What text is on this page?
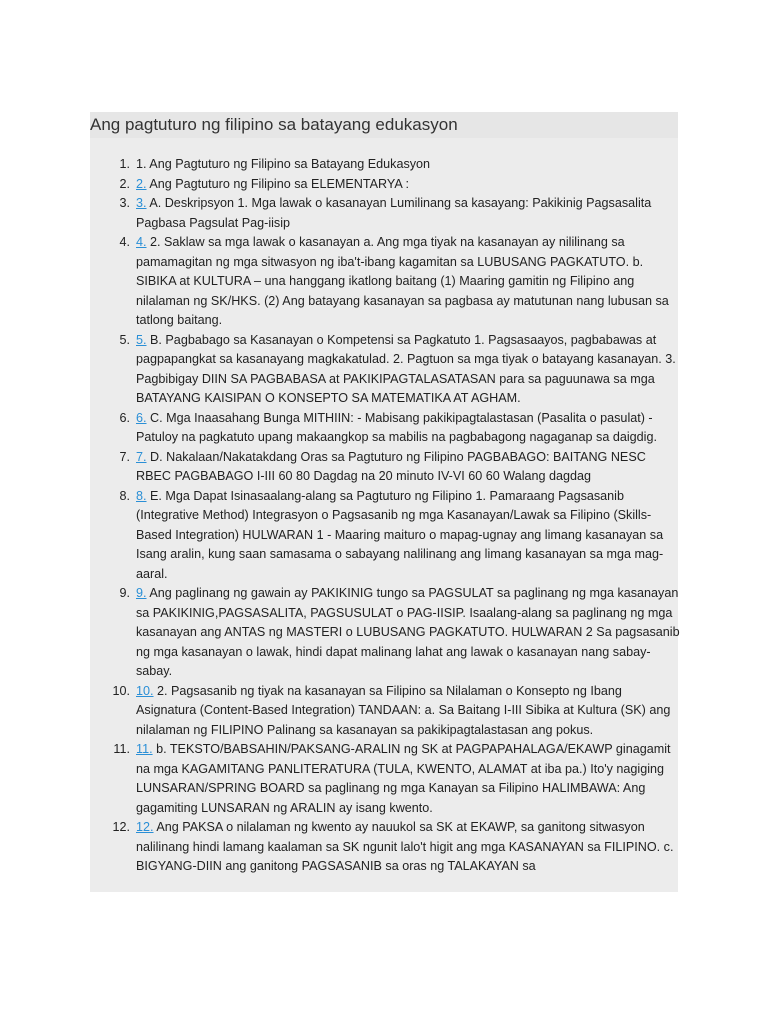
Ang pagtuturo ng filipino sa batayang edukasyon
1. 1. Ang Pagtuturo ng Filipino sa Batayang Edukasyon
2. 2. Ang Pagtuturo ng Filipino sa ELEMENTARYA :
3. 3. A. Deskripsyon 1. Mga lawak o kasanayan Lumilinang sa kasayang: Pakikinig Pagsasalita Pagbasa Pagsulat Pag-iisip
4. 4. 2. Saklaw sa mga lawak o kasanayan a. Ang mga tiyak na kasanayan ay nililinang sa pamamagitan ng mga sitwasyon ng iba't-ibang kagamitan sa LUBUSANG PAGKATUTO. b. SIBIKA at KULTURA – una hanggang ikatlong baitang (1) Maaring gamitin ng Filipino ang nilalaman ng SK/HKS. (2) Ang batayang kasanayan sa pagbasa ay matutunan nang lubusan sa tatlong baitang.
5. 5. B. Pagbabago sa Kasanayan o Kompetensi sa Pagkatuto 1. Pagsasaayos, pagbabawas at pagpapangkat sa kasanayang magkakatulad. 2. Pagtuon sa mga tiyak o batayang kasanayan. 3. Pagbibigay DIIN SA PAGBABASA at PAKIKIPAGTALASATASAN para sa paguunawa sa mga BATAYANG KAISIPAN O KONSEPTO SA MATEMATIKA AT AGHAM.
6. 6. C. Mga Inaasahang Bunga MITHIIN: - Mabisang pakikipagtalastasan (Pasalita o pasulat) - Patuloy na pagkatuto upang makaangkop sa mabilis na pagbabagong nagaganap sa daigdig.
7. 7. D. Nakalaan/Nakatakdang Oras sa Pagtuturo ng Filipino PAGBABAGO: BAITANG NESC RBEC PAGBABAGO I-III 60 80 Dagdag na 20 minuto IV-VI 60 60 Walang dagdag
8. 8. E. Mga Dapat Isinasaalang-alang sa Pagtuturo ng Filipino 1. Pamaraang Pagsasanib (Integrative Method) Integrasyon o Pagsasanib ng mga Kasanayan/Lawak sa Filipino (Skills-Based Integration) HULWARAN 1 - Maaring maituro o mapag-ugnay ang limang kasanayan sa Isang aralin, kung saan samasama o sabayang nalilinang ang limang kasanayan sa mga mag-aaral.
9. 9. Ang paglinang ng gawain ay PAKIKINIG tungo sa PAGSULAT sa paglinang ng mga kasanayan sa PAKIKINIG,PAGSASALITA, PAGSUSULAT o PAG-IISIP. Isaalang-alang sa paglinang ng mga kasanayan ang ANTAS ng MASTERI o LUBUSANG PAGKATUTO. HULWARAN 2 Sa pagsasanib ng mga kasanayan o lawak, hindi dapat malinang lahat ang lawak o kasanayan nang sabay-sabay.
10. 10. 2. Pagsasanib ng tiyak na kasanayan sa Filipino sa Nilalaman o Konsepto ng Ibang Asignatura (Content-Based Integration) TANDAAN: a. Sa Baitang I-III Sibika at Kultura (SK) ang nilalaman ng FILIPINO Palinang sa kasanayan sa pakikipagtalastasan ang pokus.
11. 11. b. TEKSTO/BABSAHIN/PAKSANG-ARALIN ng SK at PAGPAPAHALAGA/EKAWP ginagamit na mga KAGAMITANG PANLITERATURA (TULA, KWENTO, ALAMAT at iba pa.) Ito'y nagiging LUNSARAN/SPRING BOARD sa paglinang ng mga Kanayan sa Filipino HALIMBAWA: Ang gagamiting LUNSARAN ng ARALIN ay isang kwento.
12. 12. Ang PAKSA o nilalaman ng kwento ay nauukol sa SK at EKAWP, sa ganitong sitwasyon nalilinang hindi lamang kaalaman sa SK ngunit lalo't higit ang mga KASANAYAN sa FILIPINO. c. BIGYANG-DIIN ang ganitong PAGSASANIB sa oras ng TALAKAYAN sa
